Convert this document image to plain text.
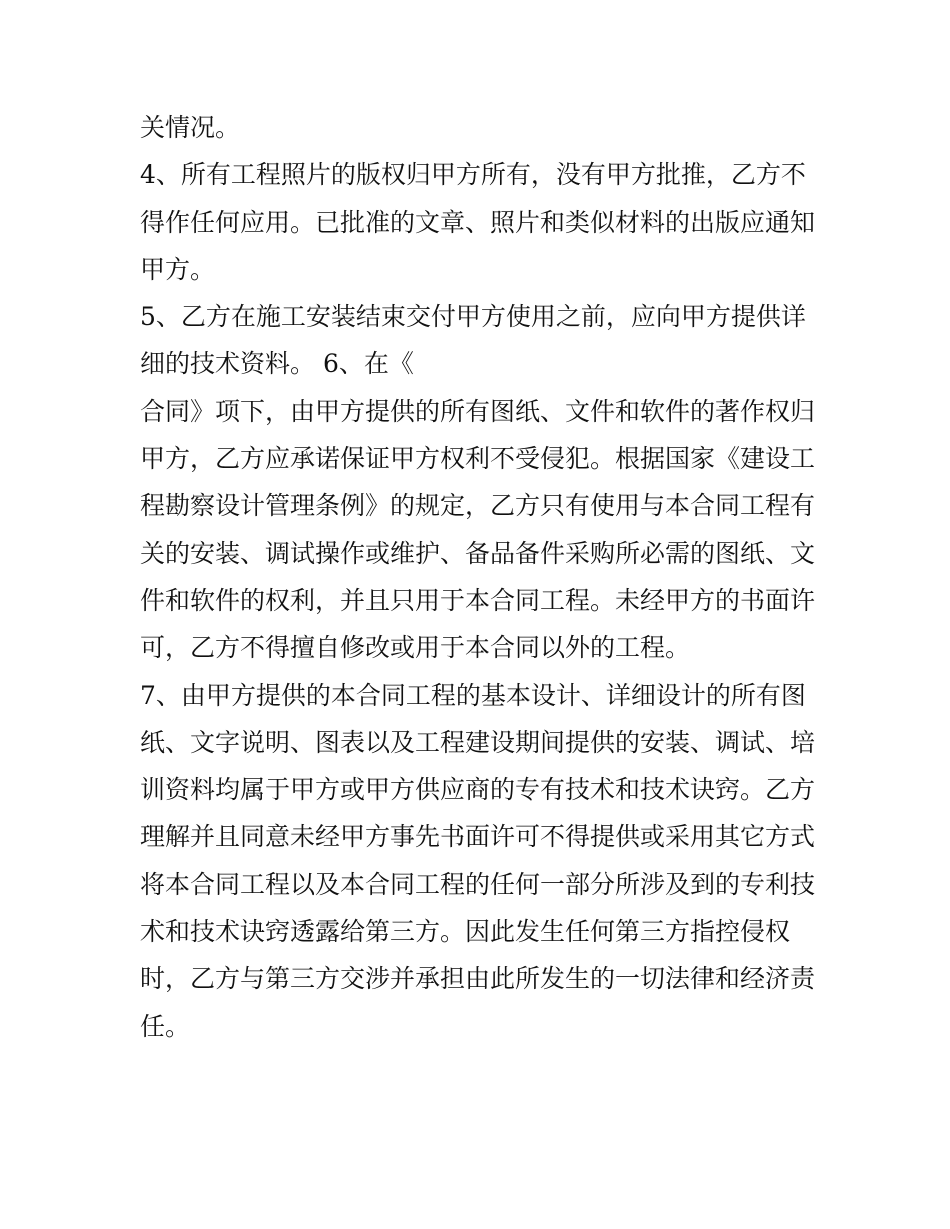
关情况。
4、所有工程照片的版权归甲方所有，没有甲方批推，乙方不
得作任何应用。已批准的文章、照片和类似材料的出版应通知
甲方。
5、乙方在施工安装结束交付甲方使用之前，应向甲方提供详
细的技术资料。 6、在《
合同》项下，由甲方提供的所有图纸、文件和软件的著作权归
甲方，乙方应承诺保证甲方权利不受侵犯。根据国家《建设工
程勘察设计管理条例》的规定，乙方只有使用与本合同工程有
关的安装、调试操作或维护、备品备件采购所必需的图纸、文
件和软件的权利，并且只用于本合同工程。未经甲方的书面许
可，乙方不得擅自修改或用于本合同以外的工程。
7、由甲方提供的本合同工程的基本设计、详细设计的所有图
纸、文字说明、图表以及工程建设期间提供的安装、调试、培
训资料均属于甲方或甲方供应商的专有技术和技术诀窍。乙方
理解并且同意未经甲方事先书面许可不得提供或采用其它方式
将本合同工程以及本合同工程的任何一部分所涉及到的专利技
术和技术诀窍透露给第三方。因此发生任何第三方指控侵权
时，乙方与第三方交涉并承担由此所发生的一切法律和经济责
任。
